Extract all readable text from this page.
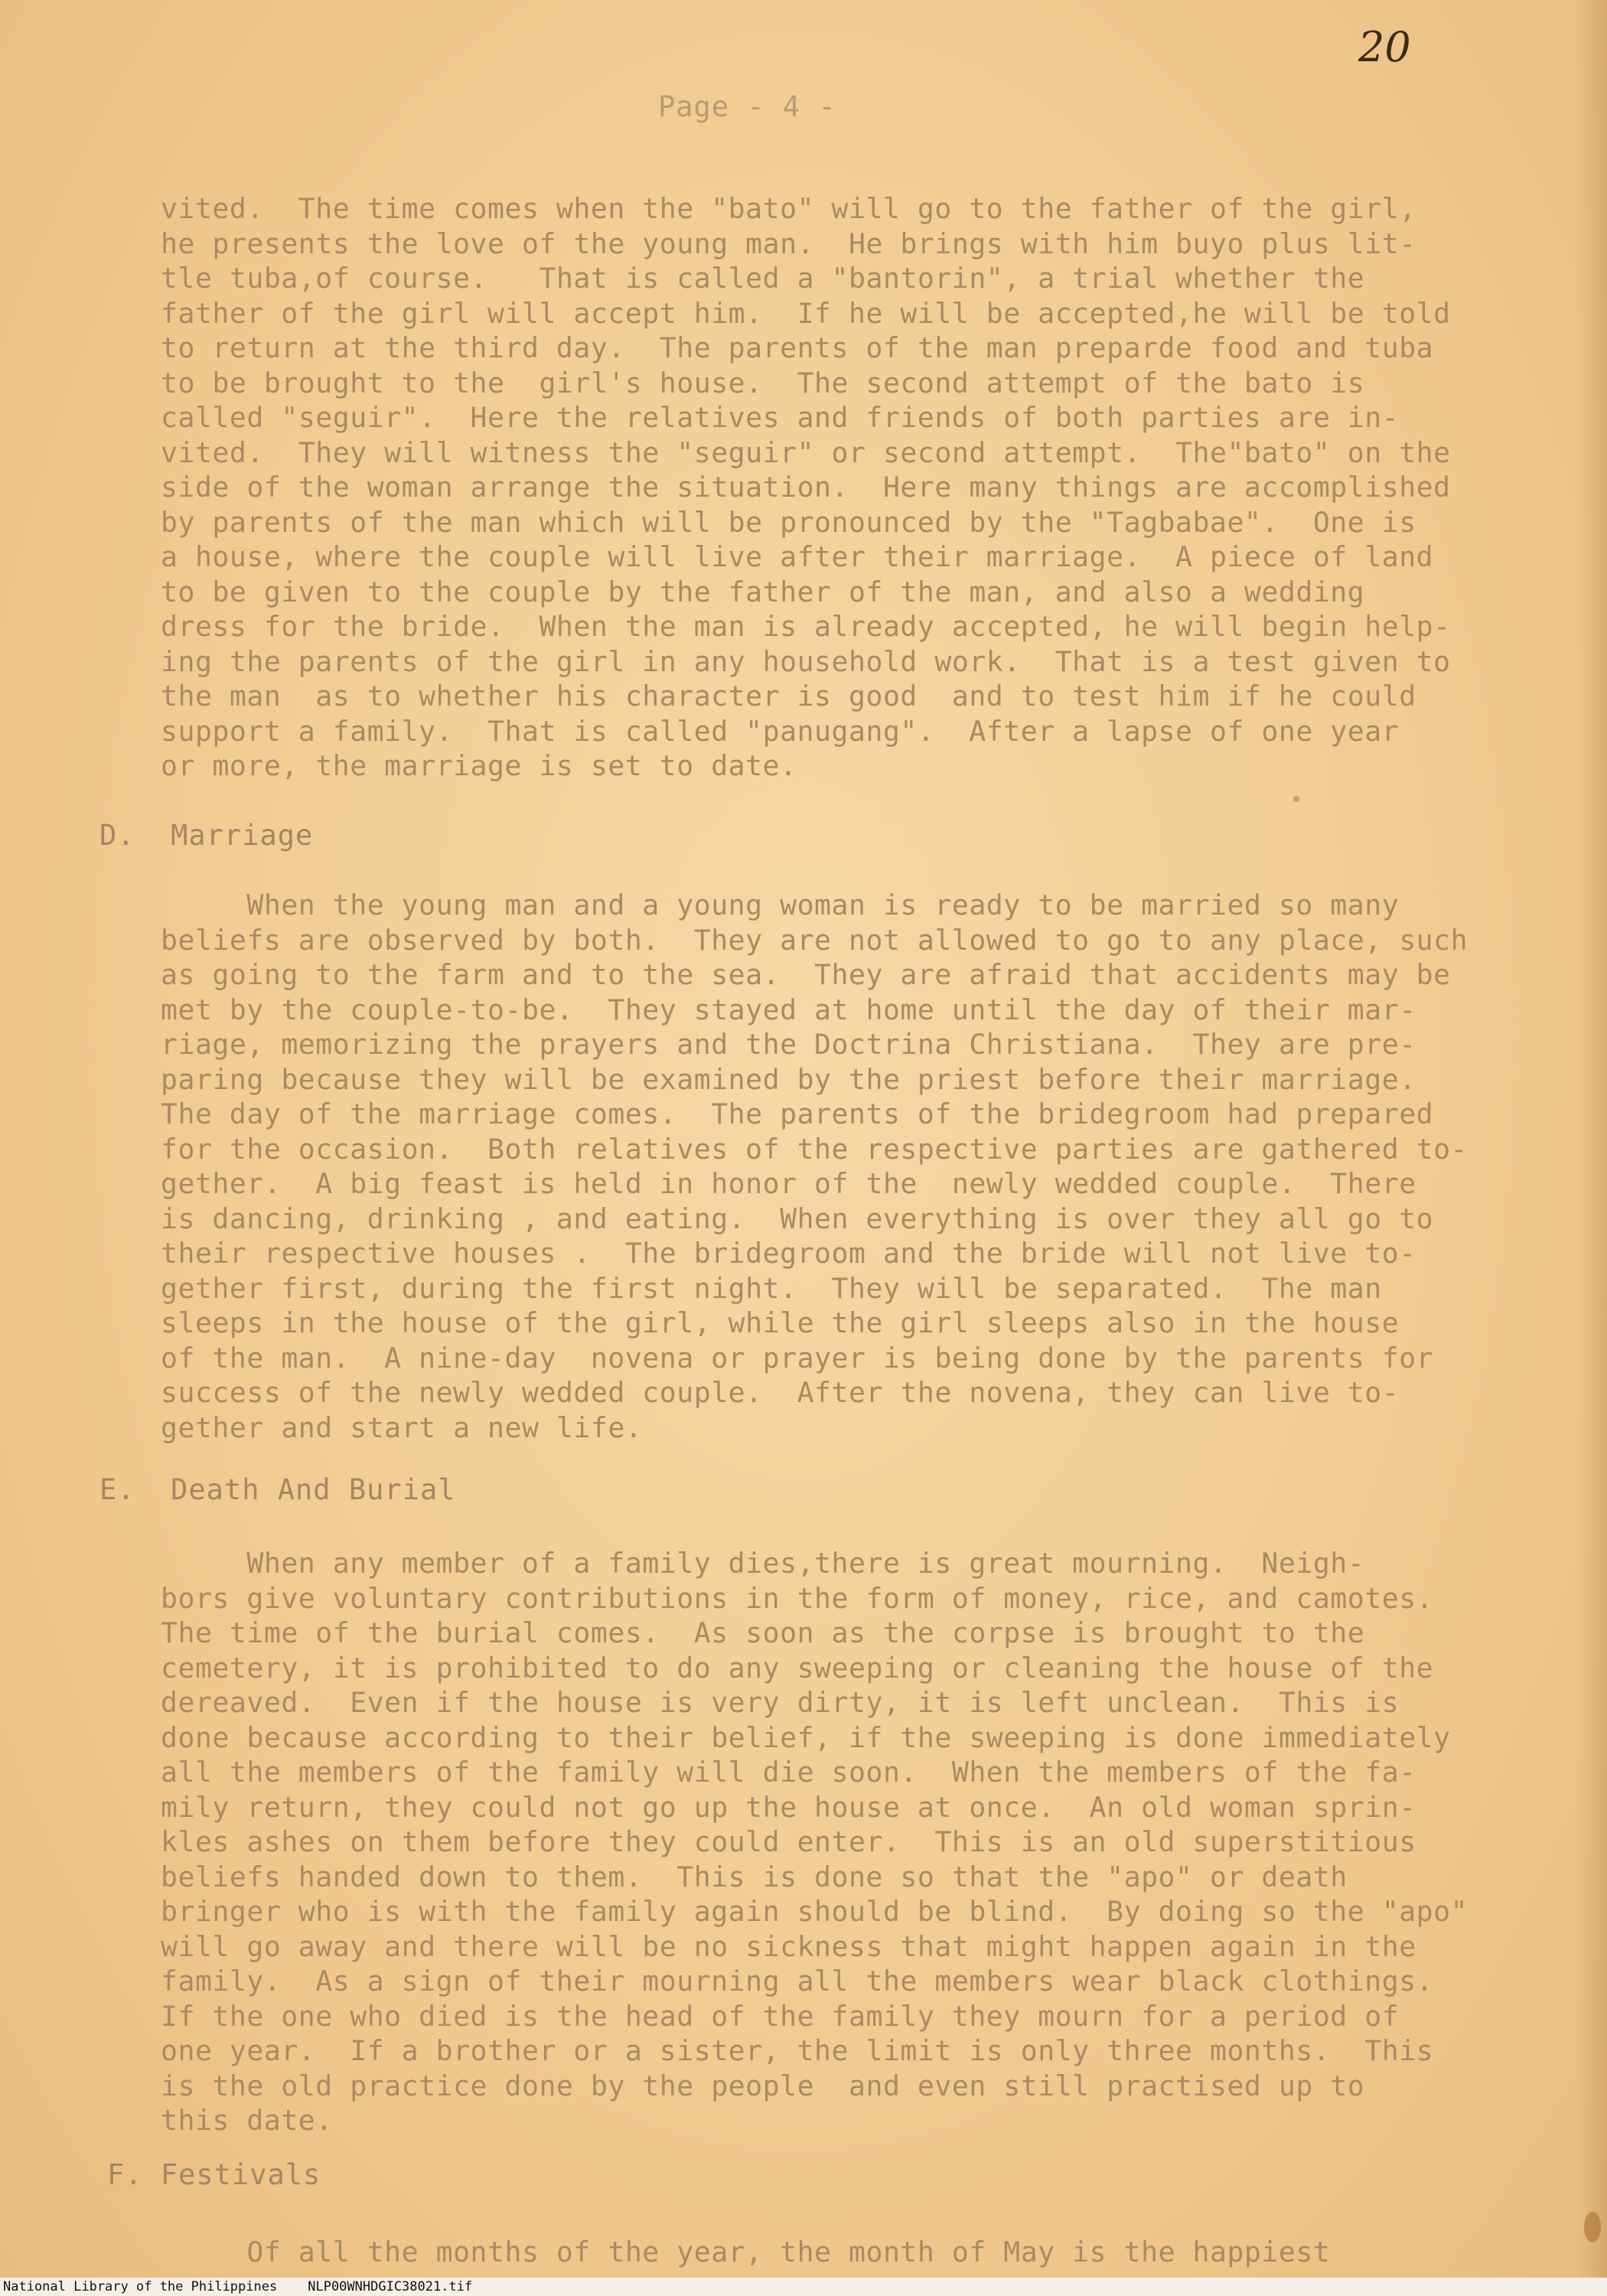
20
Page - 4 -
vited.  The time comes when the "bato" will go to the father of the girl,
he presents the love of the young man.  He brings with him buyo plus lit-
tle tuba,of course.   That is called a "bantorin", a trial whether the
father of the girl will accept him.  If he will be accepted,he will be told
to return at the third day.  The parents of the man preparde food and tuba
to be brought to the  girl's house.  The second attempt of the bato is
called "seguir".  Here the relatives and friends of both parties are in-
vited.  They will witness the "seguir" or second attempt.  The"bato" on the
side of the woman arrange the situation.  Here many things are accomplished
by parents of the man which will be pronounced by the "Tagbabae".  One is
a house, where the couple will live after their marriage.  A piece of land
to be given to the couple by the father of the man, and also a wedding
dress for the bride.  When the man is already accepted, he will begin help-
ing the parents of the girl in any household work.  That is a test given to
the man  as to whether his character is good  and to test him if he could
support a family.  That is called "panugang".  After a lapse of one year
or more, the marriage is set to date.
D.  Marriage
When the young man and a young woman is ready to be married so many
beliefs are observed by both.  They are not allowed to go to any place, such
as going to the farm and to the sea.  They are afraid that accidents may be
met by the couple-to-be.  They stayed at home until the day of their mar-
riage, memorizing the prayers and the Doctrina Christiana.  They are pre-
paring because they will be examined by the priest before their marriage.
The day of the marriage comes.  The parents of the bridegroom had prepared
for the occasion.  Both relatives of the respective parties are gathered to-
gether.  A big feast is held in honor of the  newly wedded couple.  There
is dancing, drinking , and eating.  When everything is over they all go to
their respective houses .  The bridegroom and the bride will not live to-
gether first, during the first night.  They will be separated.  The man
sleeps in the house of the girl, while the girl sleeps also in the house
of the man.  A nine-day  novena or prayer is being done by the parents for
success of the newly wedded couple.  After the novena, they can live to-
gether and start a new life.
E.  Death And Burial
When any member of a family dies,there is great mourning.  Neigh-
bors give voluntary contributions in the form of money, rice, and camotes.
The time of the burial comes.  As soon as the corpse is brought to the
cemetery, it is prohibited to do any sweeping or cleaning the house of the
dereaved.  Even if the house is very dirty, it is left unclean.  This is
done because according to their belief, if the sweeping is done immediately
all the members of the family will die soon.  When the members of the fa-
mily return, they could not go up the house at once.  An old woman sprin-
kles ashes on them before they could enter.  This is an old superstitious
beliefs handed down to them.  This is done so that the "apo" or death
bringer who is with the family again should be blind.  By doing so the "apo"
will go away and there will be no sickness that might happen again in the
family.  As a sign of their mourning all the members wear black clothings.
If the one who died is the head of the family they mourn for a period of
one year.  If a brother or a sister, the limit is only three months.  This
is the old practice done by the people  and even still practised up to
this date.
F. Festivals
Of all the months of the year, the month of May is the happiest
National Library of the Philippines NLP00WNHDGIC38021.tif
